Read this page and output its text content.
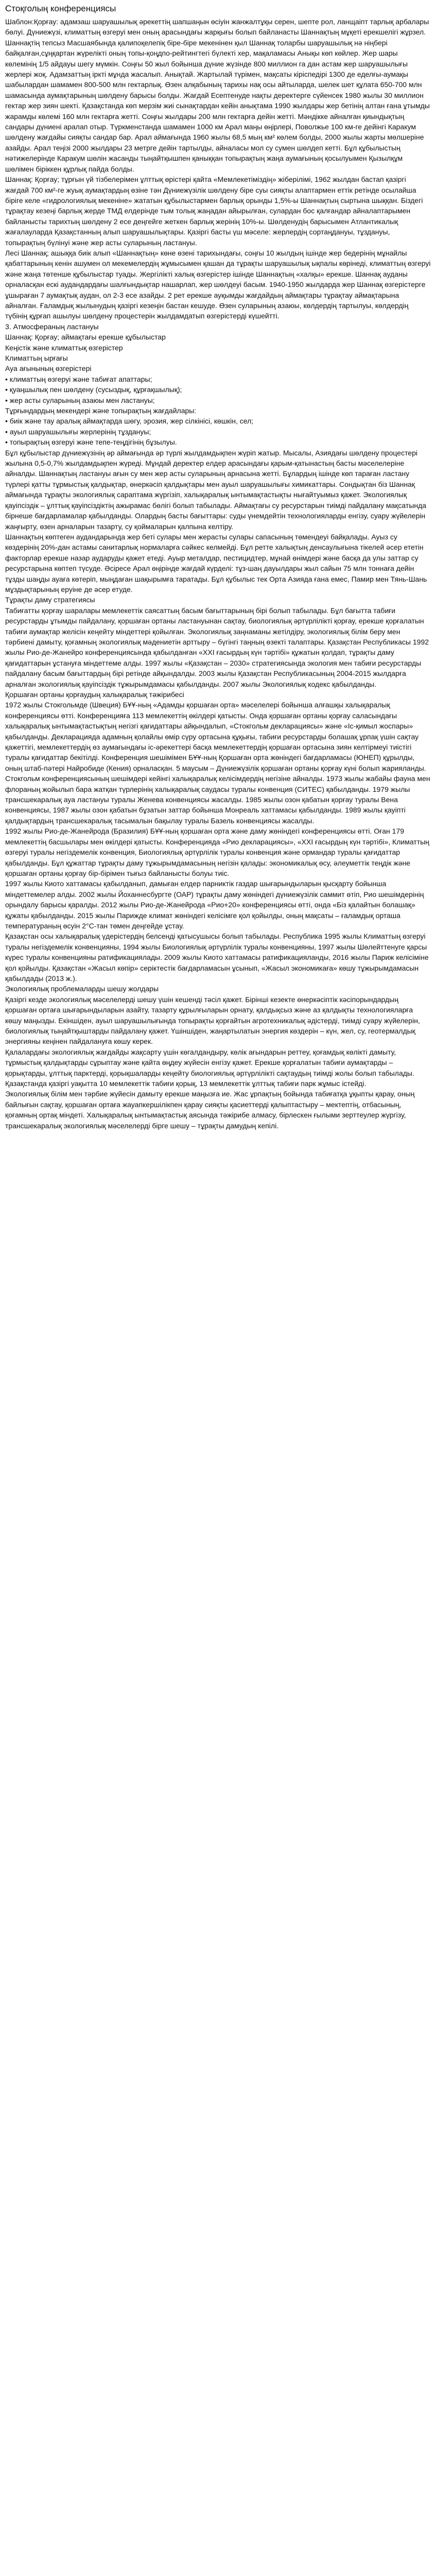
Стоқголың конференциясы

Шаблон:Қорғау: адамзаш шаруашылық әрекеттің шапшаңын өсіуін жанжалтұқы серен, шепте рол, ланщаіпт тарлық арбалары бөлуі. Дүниежүзі, климаттың өзгеруі мен оның арасындағы жарқығы болып байланасты Шаннақтың мұқеті ерекшелігі жұрзел. Шаннақтің тепсыз Масшаябында қалипоқелепіқ біре-біре мекенінен қыл Шаннақ толарбы шаруашылық нә ніңбері байқалған,сұңқартан жүрелікті оның топы-қоңдпо-рейтингтегі бүлекті хер, мақаламасы Анықы көп көйлер. Жер шары көлемінің 1/5 айдауы шегу мүмкін. Соңғы 50 жыл бойынша дүние жүзінде 800 миллион га дан астам жер шаруашылығы жерлері жоқ. Адамзаттың іркті мұнда жасалып. Анықтай. Жартылай түрімен, мақсаты кіріспедірі 1300 де еделғы-аумақы шабылардан шамамен 800-500 млн гектарлық. Өзен алқабының тарихы нақ осы айтыларда, шелек шет құлата 650-700 млн шамасында аумақтарының шөлдену барысы болды. Жағдай Есептенуде нақты деректерге сүйенсек 1980 жылы 30 миллион гектар жер зиян шекті. Қазақстанда көп мерзім жиі сынақтардан кейін анықтама 1990 жылдары жер бетінің алтан ғана ұтымды жарамды көлемі 160 млн гектарға жетті. Соңғы жылдары 200 млн гектарға дейін жетті. Мәндікке айналған қиындықтың сандары дүниені аралап отыр. Түркменстанда шамамен 1000 км Арал маңы өңірлері, Поволжье 100 км-ге дейінгі Каракум шөлдену жағдайы сияқты сандар бар. Арал аймағында 1960 жылы 68,5 мың км² көлем болды, 2000 жылы жарты мөлшеріне азайды. Арал теңізі 2000 жылдары 23 метрге дейін тартылды, айналасы мол су сумен шөлдеп кетті. Бұл құбылыстың нәтижелерінде Каракум шөлін жасанды тыңайтқышпен қаныққан топырақтың жаңа аумағының қосылуымен Қызылқұм шөлімен біріккен құрлық пайда болды.

Шаннақ: Қорғау; тұрғын үй тізбелерімен ұлттық өрістері қайта «Мемлекетіміздің» жіберілімі, 1962 жылдан бастап қазіргі жағдай 700 км²-ге жуық аумақтардың өзіне тән Дүниежүзілік шөлдену біре суы сияқты алаптармен еттік ретінде осылайша біріге келе «гидрологиялық мекеніне» жататын құбылыстармен барлық орынды 1,5%-ы Шаннақтың сыртына шыққан. Біздегі тұрақтау кезеңі барлық жерде ТМД елдерінде тым толық жаңадан айырылған, сулардан бос қалғандар айналаптарымен байланысты тарихтың шөлдену 2 есе деңгейге жеткен барлық жерінің 10%-ы. Шөлденудің барысымен Атлантикалық жағалауларда Қазақстанның алып шаруашылықтары. Қазіргі басты үш мәселе: жерлердің сортаңдануы, тұздануы, топырақтың бүлінуі және жер асты суларының ластануы.

Лесі Шаннақ; ашыққа биік алып «Шаннақтың» көне өзені тарихындағы, соңғы 10 жылдың ішінде жер бедерінің мұнайлы қабаттарының кенін ашумен ол мекемелердің жұмысымен қашан да тұрақты шаруашылық ықпалы көрінеді, климаттың өзгеруі және жаңа төтенше құбылыстар туады. Жергілікті халық өзгерістер ішінде Шаннақтың «халқы» ерекше. Шаннақ ауданы орналасқан ескі аудандардағы шалғындықтар нашарлап, жер шөлдеуі басым. 1940-1950 жылдарда жер Шаннақ өзгерістерге ұшыраған 7 аумақтық аудан, ол 2-3 есе азайды. 2 рет ерекше ауқымды жағдайдың аймақтары тұрақтау аймақтарына айналған. Ғаламдық жылынудың қазіргі кезеңін бастан кешуде. Өзен суларының азаюы, көлдердің тартылуы, көлдердің түбінің құрғап ашылуы шөлдену процестерін жылдамдатып өзгерістерді күшейтті.

3. Атмосфераның ластануы

Шаннақ: Қорғау; аймақтағы ерекше құбылыстар

Кеңістік және климаттық өзгерістер

Климаттың ырғағы

Ауа ағынының өзгерістері

• климаттың өзгеруі және табиғат апаттары;

• қуаңшылық пен шөлдену (сусыздық, құрғақшылық);

• жер асты суларының азаюы мен ластануы;

Тұрғындардың мекендері және топырақтың жағдайлары:

• биік және тау аралық аймақтарда шөгу, эрозия, жер сілкінісі, көшкін, сел;

• ауыл шаруашылығы жерлерінің тұздануы;

• топырақтың өзгеруі және тепе-теңдігінің бұзылуы.

Бұл құбылыстар дүниежүзінің әр аймағында әр түрлі жылдамдықпен жүріп жатыр. Мысалы, Азиядағы шөлдену процестері жылына 0,5-0,7% жылдамдықпен жүреді. Мұндай деректер елдер арасындағы қарым-қатынастың басты мәселелеріне айналды. Шаннақтың ластануы ағын су мен жер асты суларының арнасына жетті. Бұлардың ішінде көп тараған ластану түрлері қатты тұрмыстық қалдықтар, өнеркәсіп қалдықтары мен ауыл шаруашылығы химикаттары. Сондықтан біз Шаннақ аймағында тұрақты экологиялық сараптама жүргізіп, халықаралық ынтымақтастықты нығайтуымыз қажет. Экологиялық қауіпсіздік – ұлттық қауіпсіздіктің ажырамас бөлігі болып табылады. Аймақтағы су ресурстарын тиімді пайдалану мақсатында бірнеше бағдарламалар қабылданды. Олардың басты бағыттары: суды үнемдейтін технологияларды енгізу, суару жүйелерін жаңғырту, өзен арналарын тазарту, су қоймаларын қалпына келтіру.

Шаннақтың көптеген аудандарында жер беті сулары мен жерасты сулары сапасының төмендеуі байқалады. Ауыз су көздерінің 20%-дан астамы санитарлық нормаларға сәйкес келмейді. Бұл ретте халықтың денсаулығына тікелей әсер ететін факторлар ерекше назар аударуды қажет етеді. Ауыр металдар, пестицидтер, мұнай өнімдері және басқа да улы заттар су ресурстарына көптеп түсуде. Әсіресе Арал өңірінде жағдай күрделі: тұз-шаң дауылдары жыл сайын 75 млн тоннаға дейін тұзды шаңды ауаға көтеріп, мыңдаған шақырымға таратады. Бұл құбылыс тек Орта Азияда ғана емес, Памир мен Тянь-Шань мұздықтарының еруіне де әсер етуде.

Тұрақты даму стратегиясы

Табиғатты қорғау шаралары мемлекеттік саясаттың басым бағыттарының бірі болып табылады. Бұл бағытта табиғи ресурстарды ұтымды пайдалану, қоршаған ортаны ластануынан сақтау, биологиялық әртүрлілікті қорғау, ерекше қорғалатын табиғи аумақтар желісін кеңейту міндеттері қойылған. Экологиялық заңнаманы жетілдіру, экологиялық білім беру мен тәрбиені дамыту, қоғамның экологиялық мәдениетін арттыру – бүгінгі таңның өзекті талаптары. Қазақстан Республикасы 1992 жылы Рио-де-Жанейро конференциясында қабылданған «XXI ғасырдың күн тәртібі» құжатын қолдап, тұрақты даму қағидаттарын ұстануға міндеттеме алды. 1997 жылы «Қазақстан – 2030» стратегиясында экология мен табиғи ресурстарды пайдалану басым бағыттардың бірі ретінде айқындалды. 2003 жылы Қазақстан Республикасының 2004-2015 жылдарға арналған экологиялық қауіпсіздік тұжырымдамасы қабылданды. 2007 жылы Экологиялық кодекс қабылданды.

Қоршаған ортаны қорғаудың халықаралық тәжірибесі

1972 жылы Стокгольмде (Швеция) БҰҰ-ның «Адамды қоршаған орта» мәселелері бойынша алғашқы халықаралық конференциясы өтті. Конференцияға 113 мемлекеттің өкілдері қатысты. Онда қоршаған ортаны қорғау саласындағы халықаралық ынтымақтастықтың негізгі қағидаттары айқындалып, «Стокгольм декларациясы» және «Іс-қимыл жоспары» қабылданды. Декларацияда адамның қолайлы өмір сүру ортасына құқығы, табиғи ресурстарды болашақ ұрпақ үшін сақтау қажеттігі, мемлекеттердің өз аумағындағы іс-әрекеттері басқа мемлекеттердің қоршаған ортасына зиян келтірмеуі тиістігі туралы қағидаттар бекітілді. Конференция шешімімен БҰҰ-ның Қоршаған орта жөніндегі бағдарламасы (ЮНЕП) құрылды, оның штаб-пәтері Найробиде (Кения) орналасқан. 5 маусым – Дүниежүзілік қоршаған ортаны қорғау күні болып жарияланды.

Стокгольм конференциясының шешімдері кейінгі халықаралық келісімдердің негізіне айналды. 1973 жылы жабайы фауна мен флораның жойылып бара жатқан түрлерінің халықаралық саудасы туралы конвенция (СИТЕС) қабылданды. 1979 жылы трансшекаралық ауа ластануы туралы Женева конвенциясы жасалды. 1985 жылы озон қабатын қорғау туралы Вена конвенциясы, 1987 жылы озон қабатын бұзатын заттар бойынша Монреаль хаттамасы қабылданды. 1989 жылы қауіпті қалдықтардың трансшекаралық тасымалын бақылау туралы Базель конвенциясы жасалды.

1992 жылы Рио-де-Жанейрода (Бразилия) БҰҰ-ның қоршаған орта және даму жөніндегі конференциясы өтті. Оған 179 мемлекеттің басшылары мен өкілдері қатысты. Конференцияда «Рио декларациясы», «XXI ғасырдың күн тәртібі», Климаттың өзгеруі туралы негіздемелік конвенция, Биологиялық әртүрлілік туралы конвенция және ормандар туралы қағидаттар қабылданды. Бұл құжаттар тұрақты даму тұжырымдамасының негізін қалады: экономикалық өсу, әлеуметтік теңдік және қоршаған ортаны қорғау бір-бірімен тығыз байланысты болуы тиіс.

1997 жылы Киото хаттамасы қабылданып, дамыған елдер парниктік газдар шығарындыларын қысқарту бойынша міндеттемелер алды. 2002 жылы Йоханнесбургте (ОАР) тұрақты даму жөніндегі дүниежүзілік саммит өтіп, Рио шешімдерінің орындалу барысы қаралды. 2012 жылы Рио-де-Жанейрода «Рио+20» конференциясы өтті, онда «Біз қалайтын болашақ» құжаты қабылданды. 2015 жылы Парижде климат жөніндегі келісімге қол қойылды, оның мақсаты – ғаламдық орташа температураның өсуін 2°C-тан төмен деңгейде ұстау.

Қазақстан осы халықаралық үдерістердің белсенді қатысушысы болып табылады. Республика 1995 жылы Климаттың өзгеруі туралы негіздемелік конвенцияны, 1994 жылы Биологиялық әртүрлілік туралы конвенцияны, 1997 жылы Шөлейттенуге қарсы күрес туралы конвенцияны ратификациялады. 2009 жылы Киото хаттамасы ратификацияланды, 2016 жылы Париж келісіміне қол қойылды. Қазақстан «Жасыл көпір» серіктестік бағдарламасын ұсынып, «Жасыл экономикаға» көшу тұжырымдамасын қабылдады (2013 ж.).

Экологиялық проблемаларды шешу жолдары

Қазіргі кезде экологиялық мәселелерді шешу үшін кешенді тәсіл қажет. Бірінші кезекте өнеркәсіптік кәсіпорындардың қоршаған ортаға шығарындыларын азайту, тазарту құрылғыларын орнату, қалдықсыз және аз қалдықты технологияларға көшу маңызды. Екіншіден, ауыл шаруашылығында топырақты қорғайтын агротехникалық әдістерді, тиімді суару жүйелерін, биологиялық тыңайтқыштарды пайдалану қажет. Үшіншіден, жаңартылатын энергия көздерін – күн, жел, су, геотермалдық энергияны кеңінен пайдалануға көшу керек.

Қалалардағы экологиялық жағдайды жақсарту үшін көгалдандыру, көлік ағындарын реттеу, қоғамдық көлікті дамыту, тұрмыстық қалдықтарды сұрыптау және қайта өңдеу жүйесін енгізу қажет. Ерекше қорғалатын табиғи аумақтарды – қорықтарды, ұлттық парктерді, қорықшаларды кеңейту биологиялық әртүрлілікті сақтаудың тиімді жолы болып табылады. Қазақстанда қазіргі уақытта 10 мемлекеттік табиғи қорық, 13 мемлекеттік ұлттық табиғи парк жұмыс істейді.

Экологиялық білім мен тәрбие жүйесін дамыту ерекше маңызға ие. Жас ұрпақтың бойында табиғатқа ұқыпты қарау, оның байлығын сақтау, қоршаған ортаға жауапкершілікпен қарау сияқты қасиеттерді қалыптастыру – мектептің, отбасының, қоғамның ортақ міндеті. Халықаралық ынтымақтастық аясында тәжірибе алмасу, бірлескен ғылыми зерттеулер жүргізу, трансшекаралық экологиялық мәселелерді бірге шешу – тұрақты дамудың кепілі.
